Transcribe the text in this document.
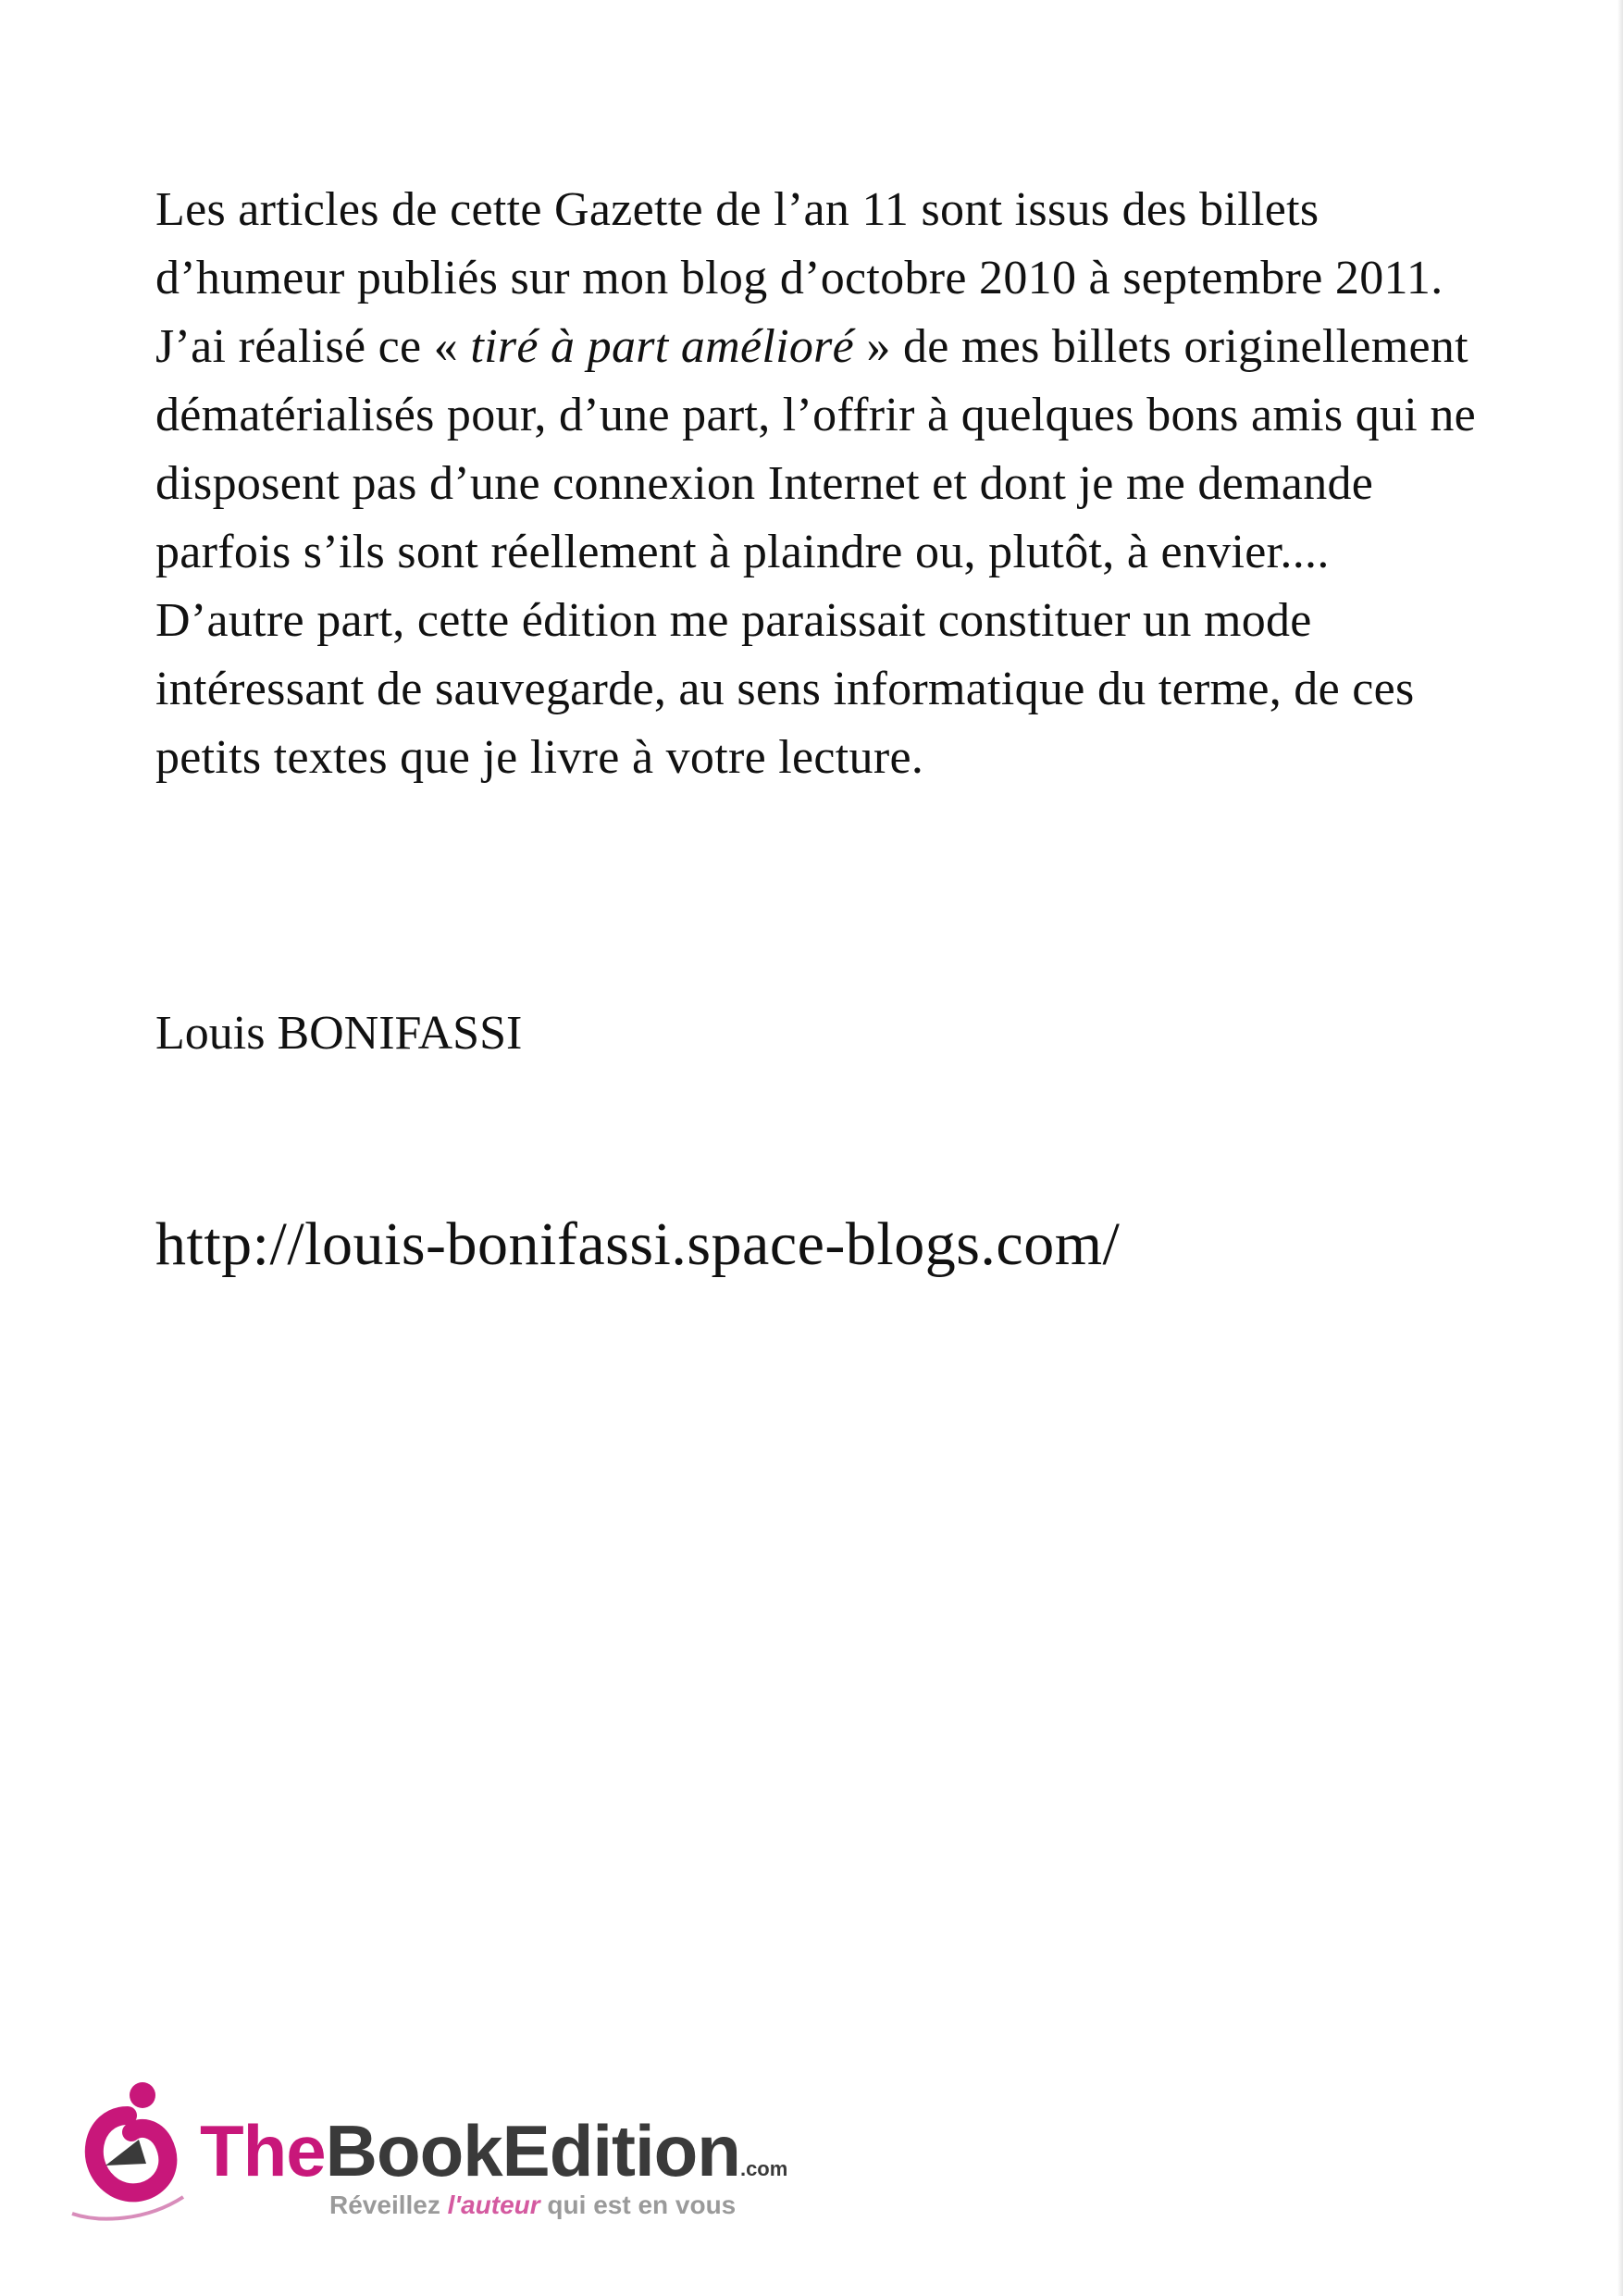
Les articles de cette Gazette de l’an 11 sont issus des billets d’humeur publiés sur mon blog d’octobre 2010 à septembre 2011.

J’ai réalisé ce « tiré à part amélioré » de mes billets originellement dématérialisés pour, d’une part, l’offrir à quelques bons amis qui ne disposent pas d’une connexion Internet et dont je me demande parfois s’ils sont réellement à plaindre ou, plutôt, à envier.... D’autre part, cette édition me paraissait constituer un mode intéressant de sauvegarde, au sens informatique du terme, de ces petits textes que je livre à votre lecture.

Louis BONIFASSI
http://louis-bonifassi.space-blogs.com/
TheBookEdition.com
Réveillez l'auteur qui est en vous
